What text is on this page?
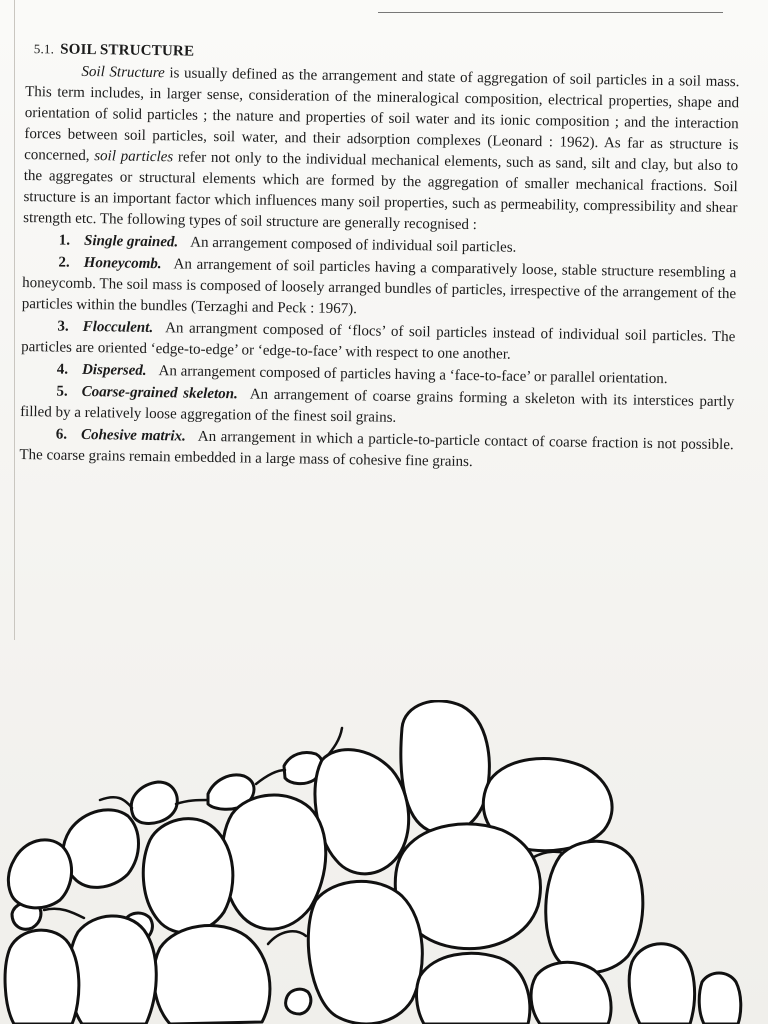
5.1. SOIL STRUCTURE

Soil Structure is usually defined as the arrangement and state of aggregation of soil particles in a soil mass. This term includes, in larger sense, consideration of the mineralogical composition, electrical properties, shape and orientation of solid particles ; the nature and properties of soil water and its ionic composition ; and the interaction forces between soil particles, soil water, and their adsorption complexes (Leonard : 1962). As far as structure is concerned, soil particles refer not only to the individual mechanical elements, such as sand, silt and clay, but also to the aggregates or structural elements which are formed by the aggregation of smaller mechanical fractions. Soil structure is an important factor which influences many soil properties, such as permeability, compressibility and shear strength etc. The following types of soil structure are generally recognised :

1. Single grained. An arrangement composed of individual soil particles.

2. Honeycomb. An arrangement of soil particles having a comparatively loose, stable structure resembling a honeycomb. The soil mass is composed of loosely arranged bundles of particles, irrespective of the arrangement of the particles within the bundles (Terzaghi and Peck : 1967).

3. Flocculent. An arrangment composed of ‘flocs’ of soil particles instead of individual soil particles. The particles are oriented ‘edge-to-edge’ or ‘edge-to-face’ with respect to one another.

4. Dispersed. An arrangement composed of particles having a ‘face-to-face’ or parallel orientation.

5. Coarse-grained skeleton. An arrangement of coarse grains forming a skeleton with its interstices partly filled by a relatively loose aggregation of the finest soil grains.

6. Cohesive matrix. An arrangement in which a particle-to-particle contact of coarse fraction is not possible. The coarse grains remain embedded in a large mass of cohesive fine grains.
